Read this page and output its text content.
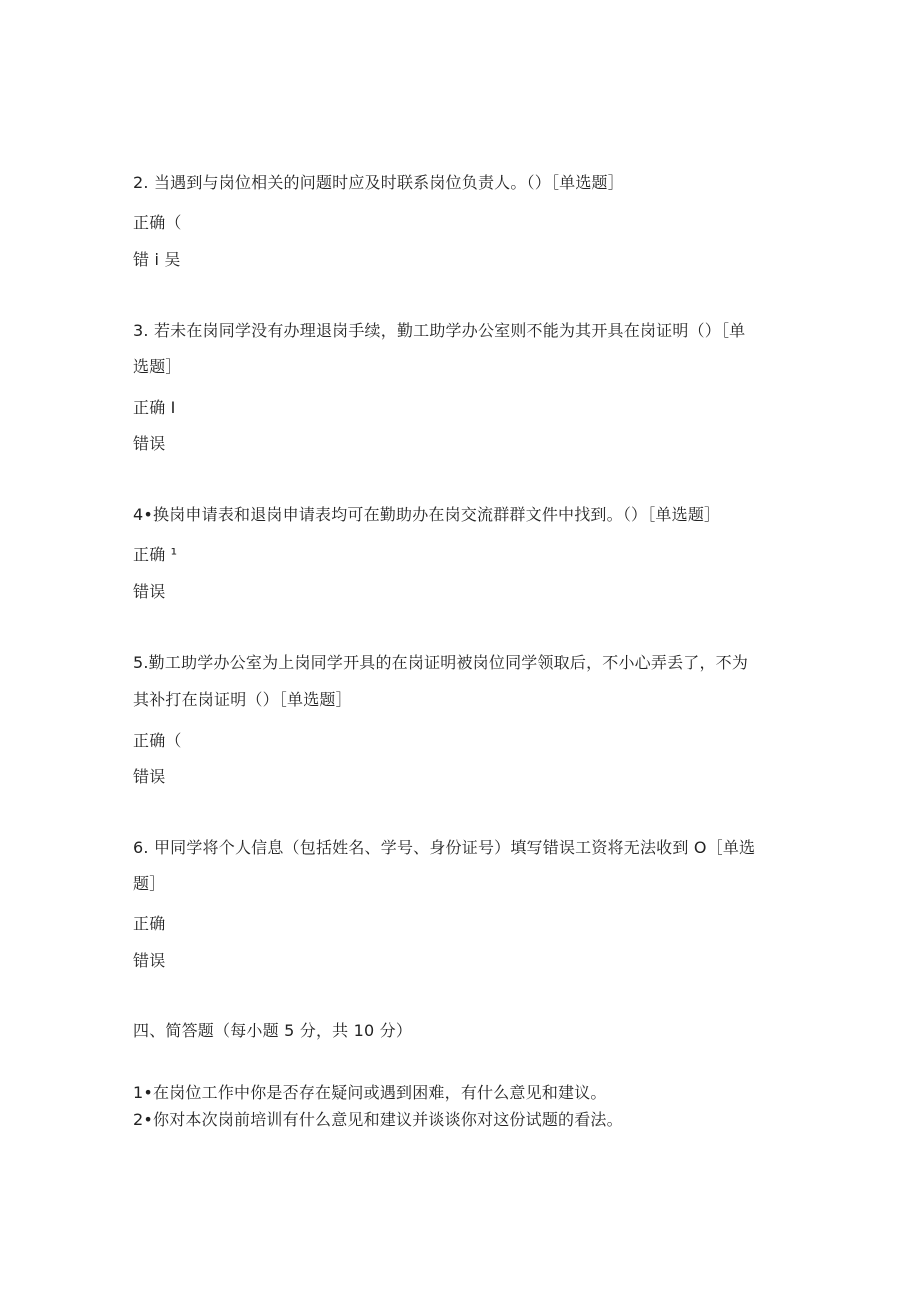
2. 当遇到与岗位相关的问题时应及时联系岗位负责人。（）［单选题］
正确（
错 i 吴
3. 若未在岗同学没有办理退岗手续，勤工助学办公室则不能为其开具在岗证明（）［单
选题］
正确 I
错误
4•换岗申请表和退岗申请表均可在勤助办在岗交流群群文件中找到。（）［单选题］
正确 ¹
错误
5.勤工助学办公室为上岗同学开具的在岗证明被岗位同学领取后，不小心弄丢了，不为
其补打在岗证明（）［单选题］
正确（
错误
6. 甲同学将个人信息（包括姓名、学号、身份证号）填写错误工资将无法收到 O［单选
题］
正确
错误
四、简答题（每小题 5 分，共 10 分）
1•在岗位工作中你是否存在疑问或遇到困难，有什么意见和建议。
2•你对本次岗前培训有什么意见和建议并谈谈你对这份试题的看法。
